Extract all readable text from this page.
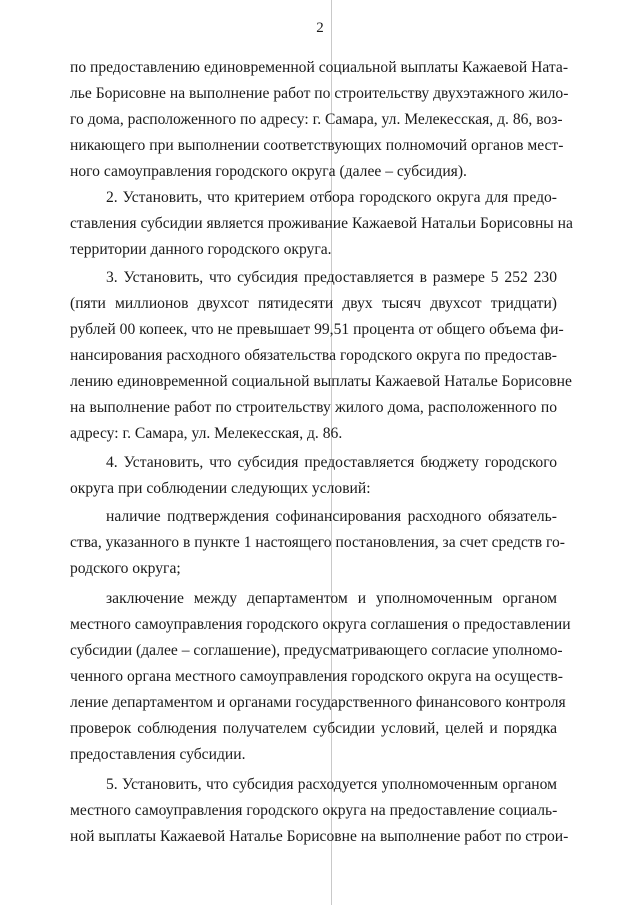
2

по предоставлению единовременной социальной выплаты Кажаевой Ната-

лье Борисовне на выполнение работ по строительству двухэтажного жило-

го дома, расположенного по адресу: г. Самара, ул. Мелекесская, д. 86, воз-

никающего при выполнении соответствующих полномочий органов мест-

ного самоуправления городского округа (далее – субсидия).

2. Установить, что критерием отбора городского округа для предо-

ставления субсидии является проживание Кажаевой Натальи Борисовны на

территории данного городского округа.

3. Установить, что субсидия предоставляется в размере 5 252 230

(пяти миллионов двухсот пятидесяти двух тысяч двухсот тридцати)

рублей 00 копеек, что не превышает 99,51 процента от общего объема фи-

нансирования расходного обязательства городского округа по предостав-

лению единовременной социальной выплаты Кажаевой Наталье Борисовне

на выполнение работ по строительству жилого дома, расположенного по

адресу: г. Самара, ул. Мелекесская, д. 86.

4. Установить, что субсидия предоставляется бюджету городского

округа при соблюдении следующих условий:

наличие подтверждения софинансирования расходного обязатель-

ства, указанного в пункте 1 настоящего постановления, за счет средств го-

родского округа;

заключение между департаментом и уполномоченным органом

местного самоуправления городского округа соглашения о предоставлении

субсидии (далее – соглашение), предусматривающего согласие уполномо-

ченного органа местного самоуправления городского округа на осуществ-

ление департаментом и органами государственного финансового контроля

проверок соблюдения получателем субсидии условий, целей и порядка

предоставления субсидии.

5. Установить, что субсидия расходуется уполномоченным органом

местного самоуправления городского округа на предоставление социаль-

ной выплаты Кажаевой Наталье Борисовне на выполнение работ по строи-
